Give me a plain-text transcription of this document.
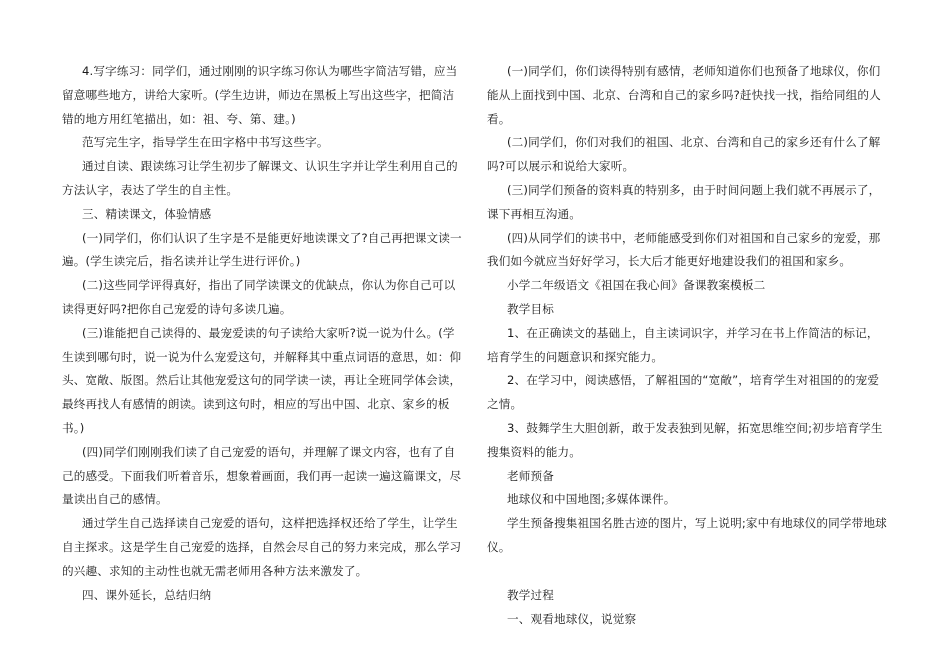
4.写字练习：同学们，通过刚刚的识字练习你认为哪些字简洁写错，应当留意哪些地方，讲给大家听。(学生边讲，师边在黑板上写出这些字，把简洁错的地方用红笔描出，如：祖、夸、第、建。)

范写完生字，指导学生在田字格中书写这些字。

通过自读、跟读练习让学生初步了解课文、认识生字并让学生利用自己的方法认字，表达了学生的自主性。

三、精读课文，体验情感

(一)同学们，你们认识了生字是不是能更好地读课文了?自己再把课文读一遍。(学生读完后，指名读并让学生进行评价。)

(二)这些同学评得真好，指出了同学读课文的优缺点，你认为你自己可以读得更好吗?把你自己宠爱的诗句多读几遍。

(三)谁能把自己读得的、最宠爱读的句子读给大家听?说一说为什么。(学生读到哪句时，说一说为什么宠爱这句，并解释其中重点词语的意思，如：仰头、宽敞、版图。然后让其他宠爱这句的同学读一读，再让全班同学体会读，最终再找人有感情的朗读。读到这句时，相应的写出中国、北京、家乡的板书。)

(四)同学们刚刚我们读了自己宠爱的语句，并理解了课文内容，也有了自己的感受。下面我们听着音乐，想象着画面，我们再一起读一遍这篇课文，尽量读出自己的感情。

通过学生自己选择读自己宠爱的语句，这样把选择权还给了学生，让学生自主探求。这是学生自己宠爱的选择，自然会尽自己的努力来完成，那么学习的兴趣、求知的主动性也就无需老师用各种方法来激发了。

四、课外延长，总结归纳

(一)同学们，你们读得特别有感情，老师知道你们也预备了地球仪，你们能从上面找到中国、北京、台湾和自己的家乡吗?赶快找一找，指给同组的人看。

(二)同学们，你们对我们的祖国、北京、台湾和自己的家乡还有什么了解吗?可以展示和说给大家听。

(三)同学们预备的资料真的特别多，由于时间问题上我们就不再展示了，课下再相互沟通。

(四)从同学们的读书中，老师能感受到你们对祖国和自己家乡的宠爱，那我们如今就应当好好学习，长大后才能更好地建设我们的祖国和家乡。

小学二年级语文《祖国在我心间》备课教案模板二

教学目标

1、在正确读文的基础上，自主读词识字，并学习在书上作简洁的标记，培育学生的问题意识和探究能力。

2、在学习中，阅读感悟，了解祖国的“宽敞”，培育学生对祖国的的宠爱之情。

3、鼓舞学生大胆创新，敢于发表独到见解，拓宽思维空间;初步培育学生搜集资料的能力。

老师预备

地球仪和中国地图;多媒体课件。

学生预备搜集祖国名胜古迹的图片，写上说明;家中有地球仪的同学带地球仪。

教学过程

一、观看地球仪，说觉察
